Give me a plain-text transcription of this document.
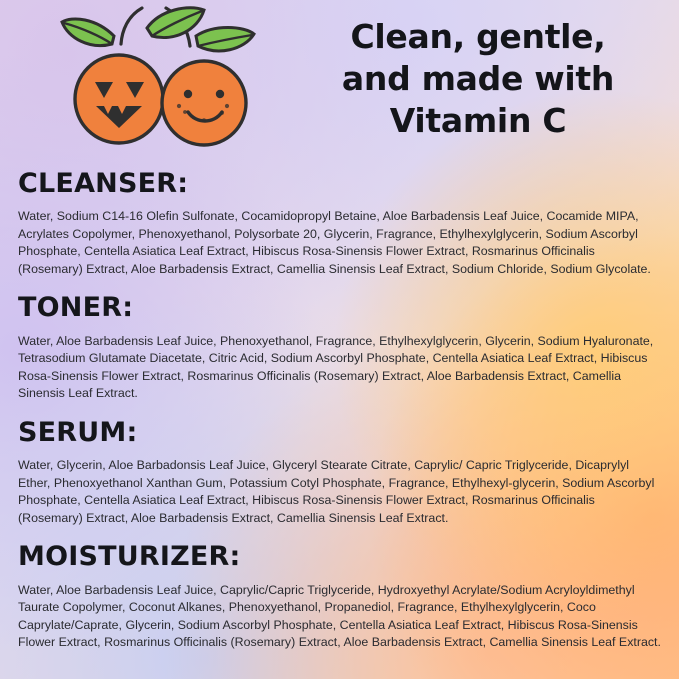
Clean, gentle,
and made with
Vitamin C
CLEANSER:

Water, Sodium C14-16 Olefin Sulfonate, Cocamidopropyl Betaine, Aloe Barbadensis Leaf Juice, Cocamide MIPA, Acrylates Copolymer, Phenoxyethanol, Polysorbate 20, Glycerin, Fragrance, Ethylhexylglycerin, Sodium Ascorbyl Phosphate, Centella Asiatica Leaf Extract, Hibiscus Rosa-Sinensis Flower Extract, Rosmarinus Officinalis (Rosemary) Extract, Aloe Barbadensis Extract, Camellia Sinensis Leaf Extract, Sodium Chloride, Sodium Glycolate.

TONER:

Water, Aloe Barbadensis Leaf Juice, Phenoxyethanol, Fragrance, Ethylhexylglycerin, Glycerin, Sodium Hyaluronate, Tetrasodium Glutamate Diacetate, Citric Acid, Sodium Ascorbyl Phosphate, Centella Asiatica Leaf Extract, Hibiscus Rosa-Sinensis Flower Extract, Rosmarinus Officinalis (Rosemary) Extract, Aloe Barbadensis Extract, Camellia Sinensis Leaf Extract.

SERUM:

Water, Glycerin, Aloe Barbadonsis Leaf Juice, Glyceryl Stearate Citrate, Caprylic/ Capric Triglyceride, Dicaprylyl Ether, Phenoxyethanol Xanthan Gum, Potassium Cotyl Phosphate, Fragrance, Ethylhexyl-glycerin, Sodium Ascorbyl Phosphate, Centella Asiatica Leaf Extract, Hibiscus Rosa-Sinensis Flower Extract, Rosmarinus Officinalis (Rosemary) Extract, Aloe Barbadensis Extract, Camellia Sinensis Leaf Extract.

MOISTURIZER:

Water, Aloe Barbadensis Leaf Juice, Caprylic/Capric Triglyceride, Hydroxyethyl Acrylate/Sodium Acryloyldimethyl Taurate Copolymer, Coconut Alkanes, Phenoxyethanol, Propanediol, Fragrance, Ethylhexylglycerin, Coco Caprylate/Caprate, Glycerin, Sodium Ascorbyl Phosphate, Centella Asiatica Leaf Extract, Hibiscus Rosa-Sinensis Flower Extract, Rosmarinus Officinalis (Rosemary) Extract, Aloe Barbadensis Extract, Camellia Sinensis Leaf Extract.
